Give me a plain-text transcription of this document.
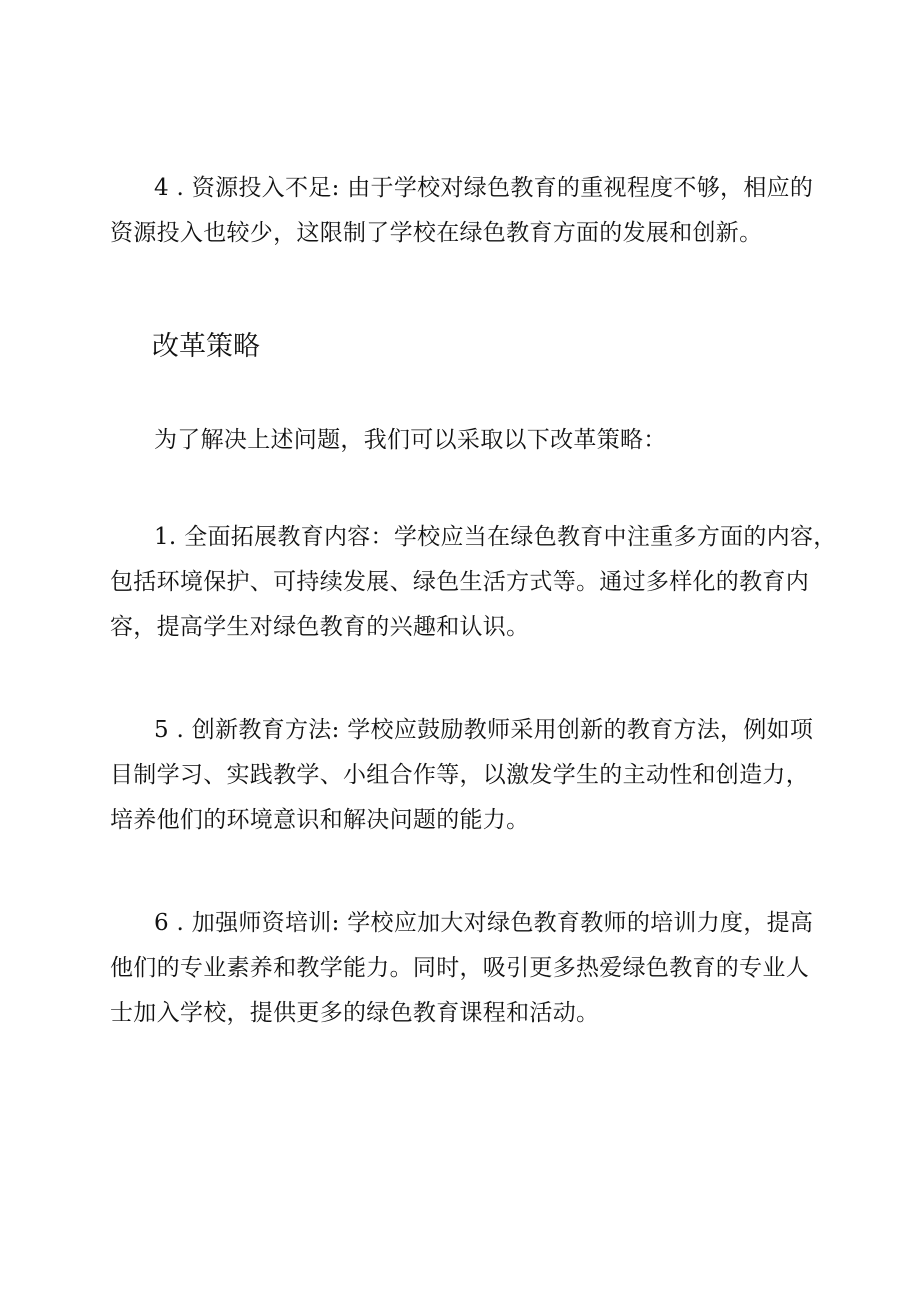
4 . 资源投入不足: 由于学校对绿色教育的重视程度不够，相应的
资源投入也较少，这限制了学校在绿色教育方面的发展和创新。

改革策略

为了解决上述问题，我们可以采取以下改革策略：

1. 全面拓展教育内容：学校应当在绿色教育中注重多方面的内容，
包括环境保护、可持续发展、绿色生活方式等。通过多样化的教育内
容，提高学生对绿色教育的兴趣和认识。

5 . 创新教育方法: 学校应鼓励教师采用创新的教育方法，例如项
目制学习、实践教学、小组合作等，以激发学生的主动性和创造力，
培养他们的环境意识和解决问题的能力。

6 . 加强师资培训: 学校应加大对绿色教育教师的培训力度，提高
他们的专业素养和教学能力。同时，吸引更多热爱绿色教育的专业人
士加入学校，提供更多的绿色教育课程和活动。
